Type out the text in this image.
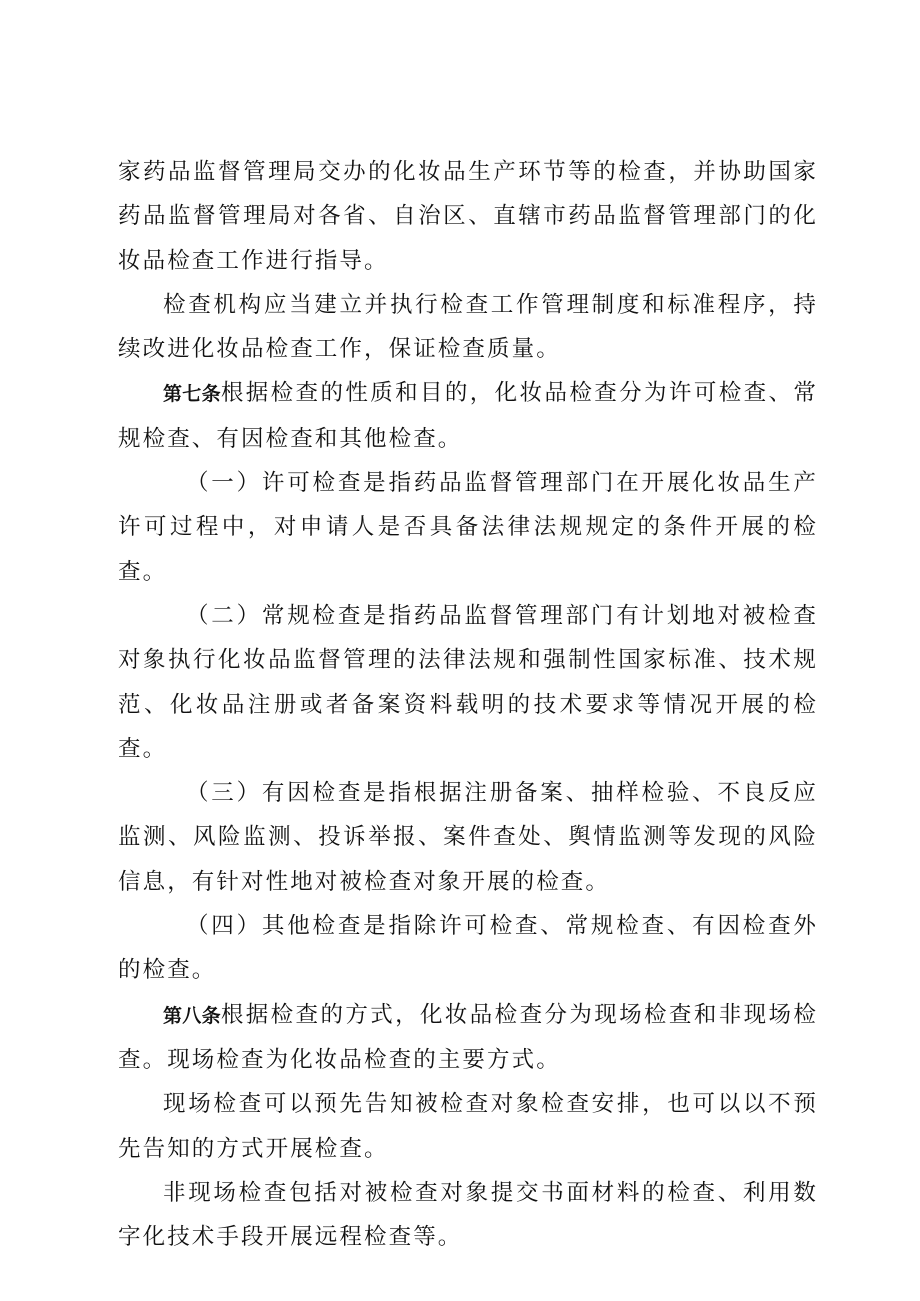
家药品监督管理局交办的化妆品生产环节等的检查，并协助国家药品监督管理局对各省、自治区、直辖市药品监督管理部门的化妆品检查工作进行指导。

检查机构应当建立并执行检查工作管理制度和标准程序，持续改进化妆品检查工作，保证检查质量。

第七条根据检查的性质和目的，化妆品检查分为许可检查、常规检查、有因检查和其他检查。

（一）许可检查是指药品监督管理部门在开展化妆品生产许可过程中，对申请人是否具备法律法规规定的条件开展的检查。

（二）常规检查是指药品监督管理部门有计划地对被检查对象执行化妆品监督管理的法律法规和强制性国家标准、技术规范、化妆品注册或者备案资料载明的技术要求等情况开展的检查。

（三）有因检查是指根据注册备案、抽样检验、不良反应监测、风险监测、投诉举报、案件查处、舆情监测等发现的风险信息，有针对性地对被检查对象开展的检查。

（四）其他检查是指除许可检查、常规检查、有因检查外的检查。

第八条根据检查的方式，化妆品检查分为现场检查和非现场检查。现场检查为化妆品检查的主要方式。

现场检查可以预先告知被检查对象检查安排，也可以以不预先告知的方式开展检查。

非现场检查包括对被检查对象提交书面材料的检查、利用数字化技术手段开展远程检查等。
